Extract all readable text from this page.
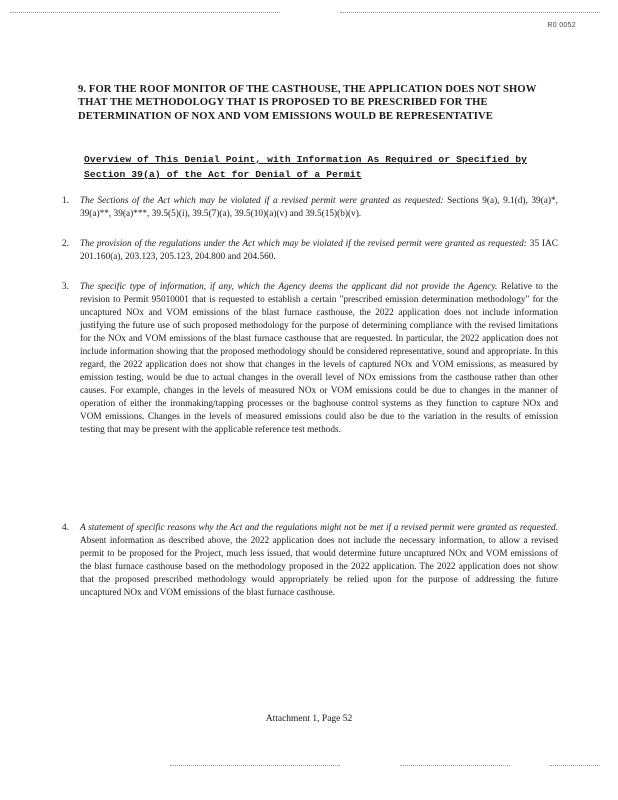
R0 0052
9. FOR THE ROOF MONITOR OF THE CASTHOUSE, THE APPLICATION DOES NOT SHOW THAT THE METHODOLOGY THAT IS PROPOSED TO BE PRESCRIBED FOR THE DETERMINATION OF NOX AND VOM EMISSIONS WOULD BE REPRESENTATIVE
Overview of This Denial Point, with Information As Required or Specified by Section 39(a) of the Act for Denial of a Permit
1.	The Sections of the Act which may be violated if a revised permit were granted as requested: Sections 9(a), 9.1(d), 39(a)*, 39(a)**, 39(a)***, 39.5(5)(i), 39.5(7)(a), 39.5(10)(a)(v) and 39.5(15)(b)(v).
2.	The provision of the regulations under the Act which may be violated if the revised permit were granted as requested: 35 IAC 201.160(a), 203.123, 205.123, 204.800 and 204.560.
3.	The specific type of information, if any, which the Agency deems the applicant did not provide the Agency. Relative to the revision to Permit 95010001 that is requested to establish a certain "prescribed emission determination methodology" for the uncaptured NOx and VOM emissions of the blast furnace casthouse, the 2022 application does not include information justifying the future use of such proposed methodology for the purpose of determining compliance with the revised limitations for the NOx and VOM emissions of the blast furnace casthouse that are requested. In particular, the 2022 application does not include information showing that the proposed methodology should be considered representative, sound and appropriate. In this regard, the 2022 application does not show that changes in the levels of captured NOx and VOM emissions, as measured by emission testing, would be due to actual changes in the overall level of NOx emissions from the casthouse rather than other causes. For example, changes in the levels of measured NOx or VOM emissions could be due to changes in the manner of operation of either the ironmaking/tapping processes or the baghouse control systems as they function to capture NOx and VOM emissions. Changes in the levels of measured emissions could also be due to the variation in the results of emission testing that may be present with the applicable reference test methods.
4.	A statement of specific reasons why the Act and the regulations might not be met if a revised permit were granted as requested. Absent information as described above, the 2022 application does not include the necessary information, to allow a revised permit to be proposed for the Project, much less issued, that would determine future uncaptured NOx and VOM emissions of the blast furnace casthouse based on the methodology proposed in the 2022 application. The 2022 application does not show that the proposed prescribed methodology would appropriately be relied upon for the purpose of addressing the future uncaptured NOx and VOM emissions of the blast furnace casthouse.
Attachment 1, Page 52
